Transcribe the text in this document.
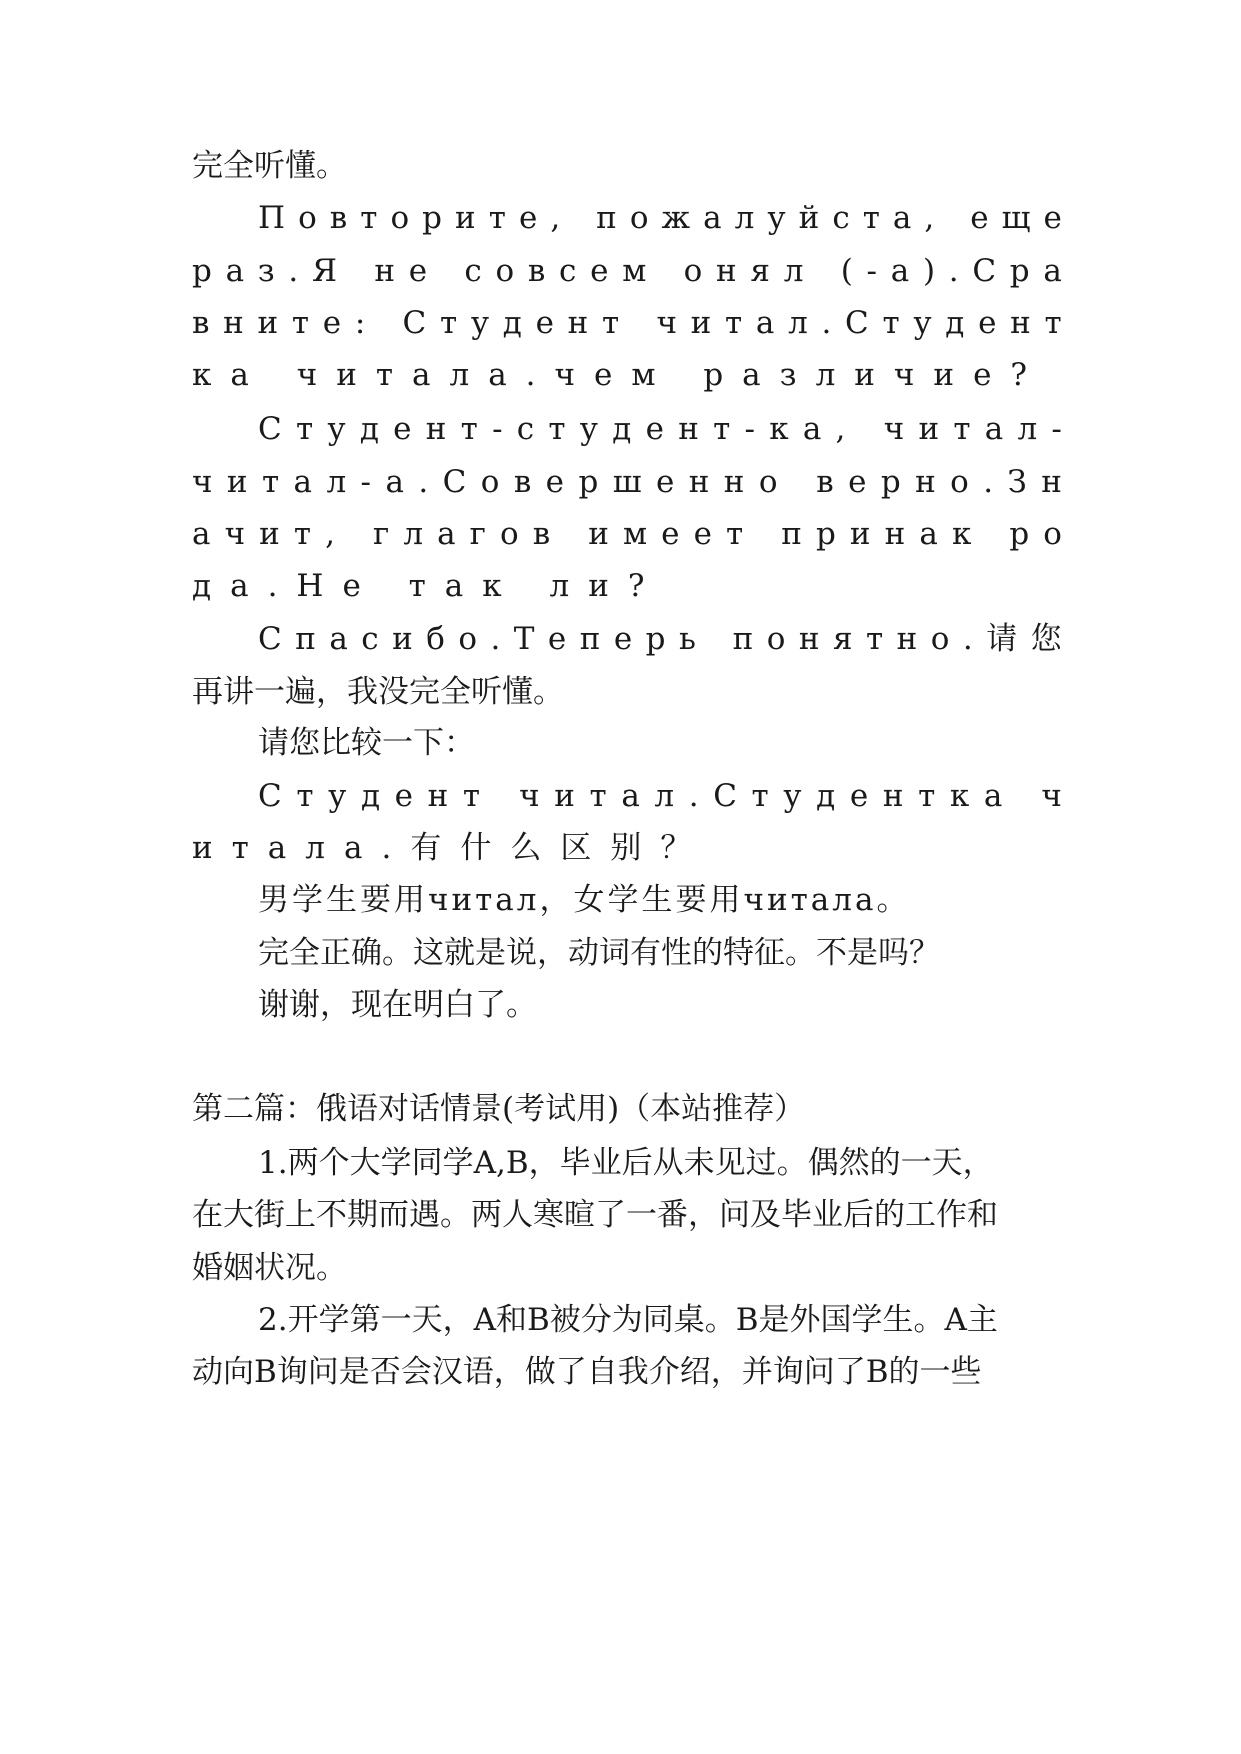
完全听懂。
П о в т о р и т е ,
п о ж а л у й с т а ,
е щ е
р а з . Я
н е
с о в с е м
о н я л
( - а ) . С р а
в н и т е :
С т у д е н т
ч и т а л . С т у д е н т
ка читала.чем различие?
С т у д е н т - с т у д е н т - к а ,
ч и т а л -
ч и т а л - а . С о в е р ш е н н о
в е р н о . З н
а ч и т ,
г л а г о в
и м е е т
п р и н а к
р о
да.Не так ли?
С п а с и б о . Т е п е р ь
п о н я т н о . 请 您
再讲一遍，我没完全听懂。
请您比较一下：
С т у д е н т
ч и т а л . С т у д е н т к а
ч
итала.有什么区别？
男学生要用читал，女学生要用читала。
完全正确。这就是说，动词有性的特征。不是吗？
谢谢，现在明白了。
第二篇：俄语对话情景(考试用)（本站推荐）
1.两个大学同学A,B，毕业后从未见过。偶然的一天，
在大街上不期而遇。两人寒暄了一番，问及毕业后的工作和
婚姻状况。
2.开学第一天，A和B被分为同桌。B是外国学生。A主
动向B询问是否会汉语，做了自我介绍，并询问了B的一些
